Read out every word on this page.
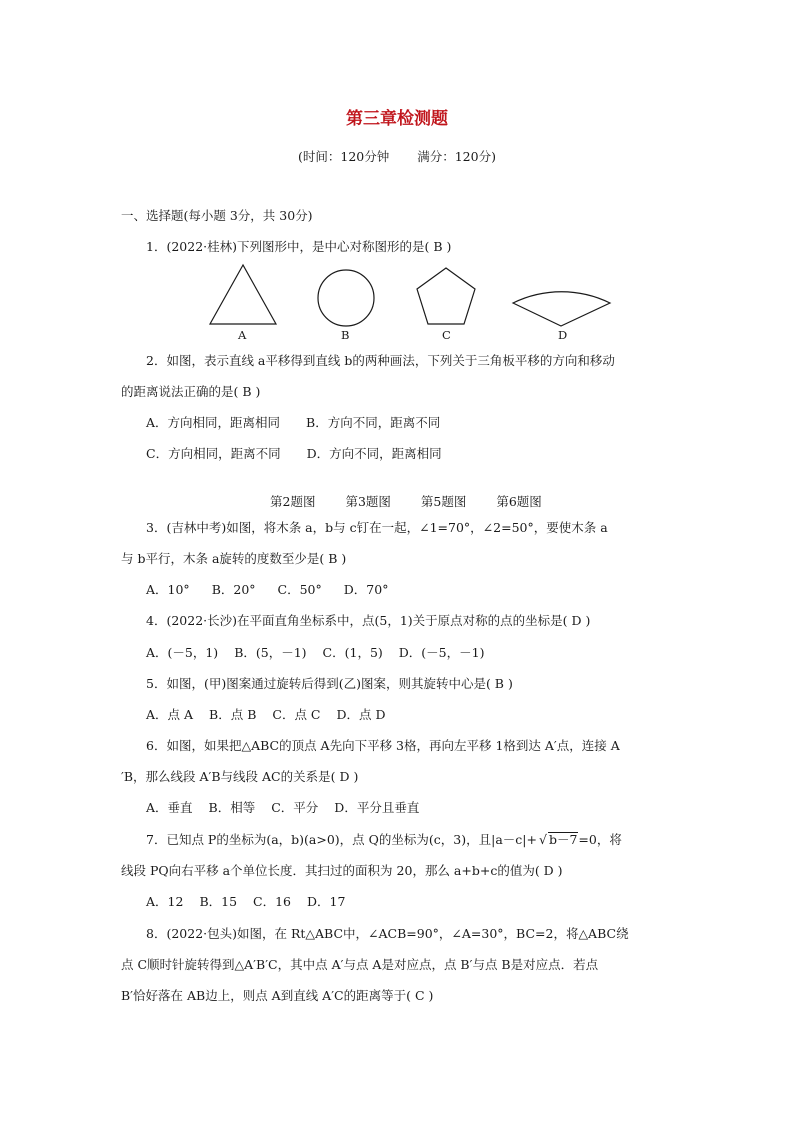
第三章检测题
(时间：120分钟 满分：120分)
一、选择题(每小题 3分，共 30分)
1．(2022·桂林)下列图形中，是中心对称图形的是( B )
A	B	C	D
2．如图，表示直线 a平移得到直线 b的两种画法，下列关于三角板平移的方向和移动
的距离说法正确的是( B )
A．方向相同，距离相同 B．方向不同，距离不同
C．方向相同，距离不同 D．方向不同，距离相同
第2题图 第3题图 第5题图 第6题图
3．(吉林中考)如图，将木条 a，b与 c钉在一起，∠1=70°，∠2=50°，要使木条 a
与 b平行，木条 a旋转的度数至少是( B )
A．10° B．20° C．50° D．70°
4．(2022·长沙)在平面直角坐标系中，点(5，1)关于原点对称的点的坐标是( D )
A．(－5，1) B．(5，－1) C．(1，5) D．(－5，－1)
5．如图，(甲)图案通过旋转后得到(乙)图案，则其旋转中心是( B )
A．点 A B．点 B C．点 C D．点 D
6．如图，如果把△ABC的顶点 A先向下平移 3格，再向左平移 1格到达 A′点，连接 A
′B，那么线段 A′B与线段 AC的关系是( D )
A．垂直 B．相等 C．平分 D．平分且垂直
7．已知点 P的坐标为(a，b)(a>0)，点 Q的坐标为(c，3)，且|a－c|+ √ b－7=0，将
线段 PQ向右平移 a个单位长度．其扫过的面积为 20，那么 a+b+c的值为( D )
A．12 B．15 C．16 D．17
8．(2022·包头)如图，在 Rt△ABC中，∠ACB=90°，∠A=30°，BC=2，将△ABC绕
点 C顺时针旋转得到△A′B′C，其中点 A′与点 A是对应点，点 B′与点 B是对应点．若点
B′恰好落在 AB边上，则点 A到直线 A′C的距离等于( C )
